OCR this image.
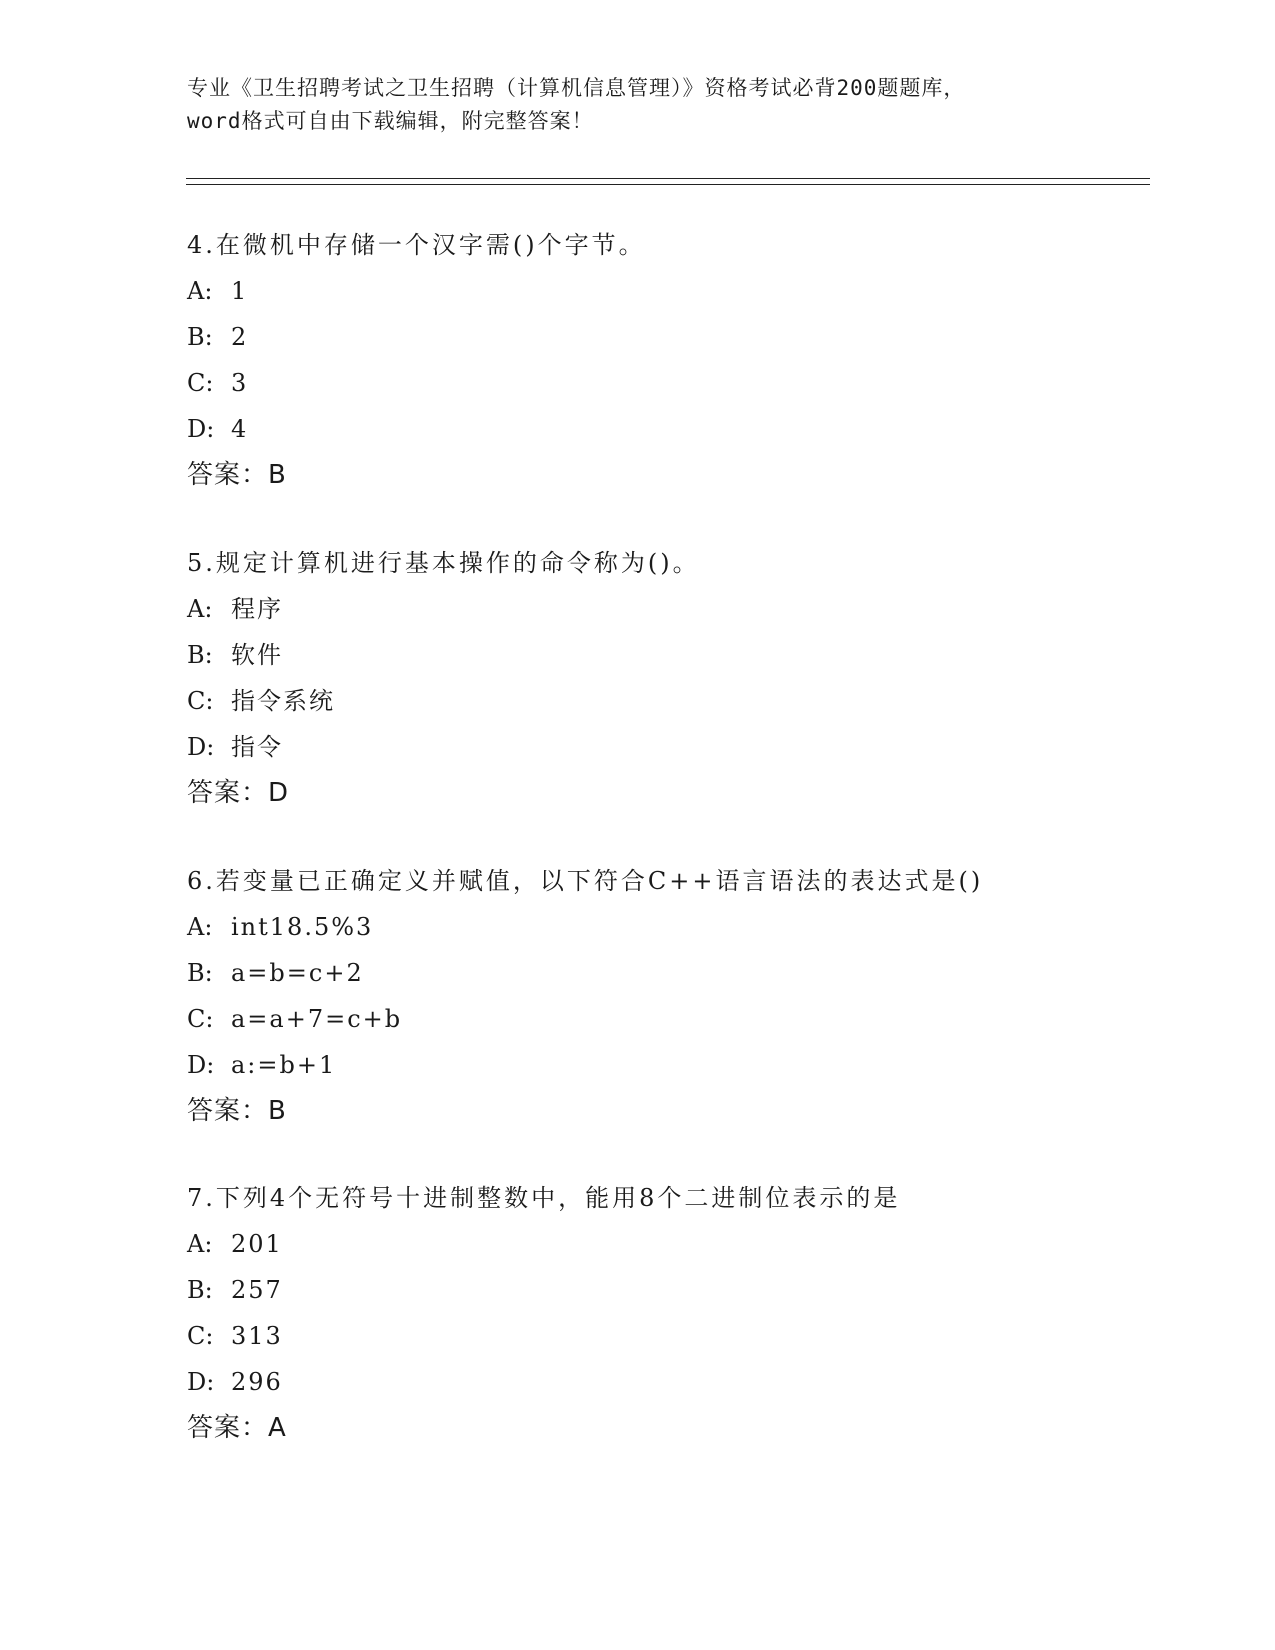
专业《卫生招聘考试之卫生招聘（计算机信息管理）》资格考试必背200题题库，
word格式可自由下载编辑，附完整答案！
4.在微机中存储一个汉字需()个字节。
A: 1
B: 2
C: 3
D: 4
答案：B
5.规定计算机进行基本操作的命令称为()。
A: 程序
B: 软件
C: 指令系统
D: 指令
答案：D
6.若变量已正确定义并赋值，以下符合C++语言语法的表达式是()
A: int18.5%3
B: a=b=c+2
C: a=a+7=c+b
D: a:=b+1
答案：B
7.下列4个无符号十进制整数中，能用8个二进制位表示的是
A: 201
B: 257
C: 313
D: 296
答案：A
